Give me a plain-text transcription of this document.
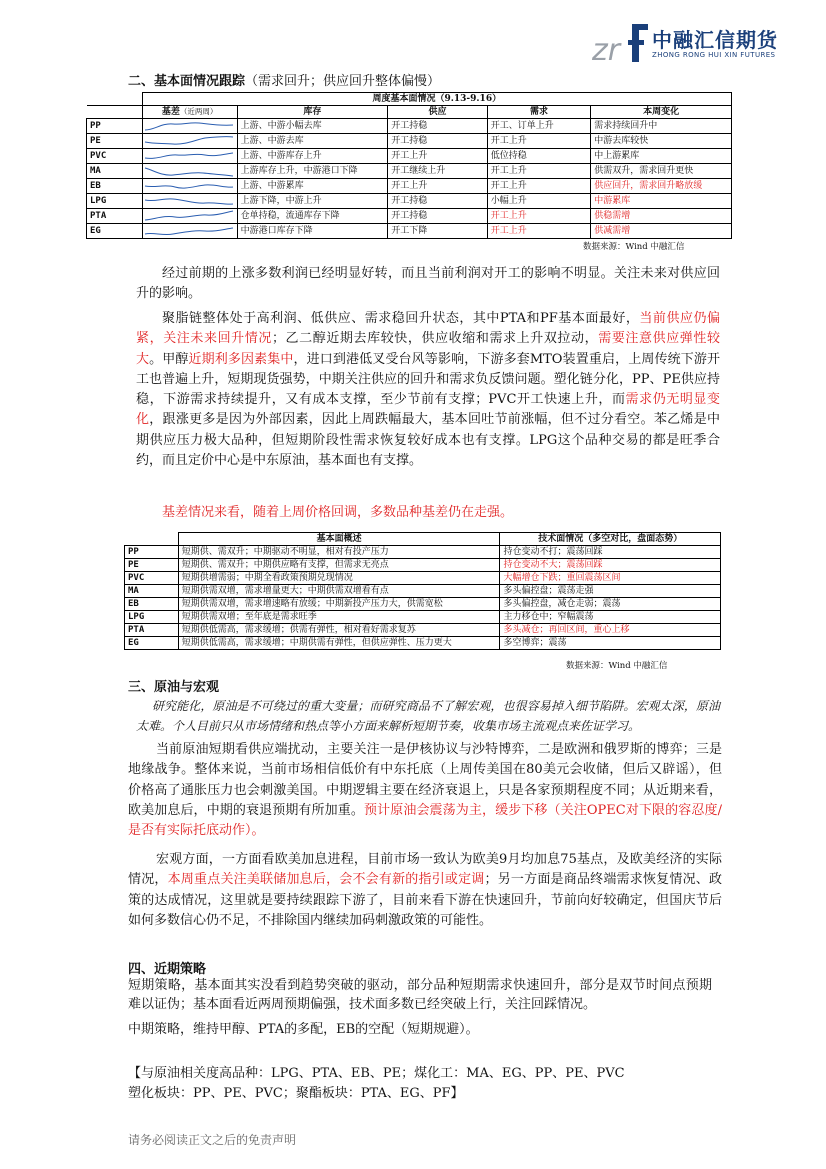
zr 中融汇信期货
ZHONG RONG HUI XIN FUTURES
二、基本面情况跟踪（需求回升；供应回升整体偏慢）
	周度基本面情况（9.13-9.16）				
	基差（近两周）	库存	供应	需求	本周变化
PP		上游、中游小幅去库	开工持稳	开工、订单上升	需求持续回升中
PE		上游、中游去库	开工持稳	开工上升	中游去库较快
PVC		上游、中游库存上升	开工上升	低位持稳	中上游累库
MA		上游库存上升，中游港口下降	开工继续上升	开工上升	供需双升，需求回升更快
EB		上游、中游累库	开工上升	开工上升	供应回升，需求回升略放缓
LPG		上游下降，中游上升	开工持稳	小幅上升	中游累库
PTA		仓单持稳，流通库存下降	开工持稳	开工上升	供稳需增
EG		中游港口库存下降	开工下降	开工上升	供减需增
数据来源：Wind 中融汇信
经过前期的上涨多数利润已经明显好转，而且当前利润对开工的影响不明显。关注未来对供应回升的影响。
聚脂链整体处于高利润、低供应、需求稳回升状态，其中PTA和PF基本面最好，当前供应仍偏紧，关注未来回升情况；乙二醇近期去库较快，供应收缩和需求上升双拉动，需要注意供应弹性较大。甲醇近期利多因素集中，进口到港低叉受台风等影响，下游多套MTO装置重启，上周传统下游开工也普遍上升，短期现货强势，中期关注供应的回升和需求负反馈问题。塑化链分化，PP、PE供应持稳，下游需求持续提升，又有成本支撑，至少节前有支撑；PVC开工快速上升，而需求仍无明显变化，跟涨更多是因为外部因素，因此上周跌幅最大，基本回吐节前涨幅，但不过分看空。苯乙烯是中期供应压力极大品种，但短期阶段性需求恢复较好成本也有支撑。LPG这个品种交易的都是旺季合约，而且定价中心是中东原油，基本面也有支撑。
基差情况来看，随着上周价格回调，多数品种基差仍在走强。
	基本面概述	技术面情况（多空对比，盘面态势）
PP	短期供、需双升；中期驱动不明显，相对有投产压力	持仓变动不打；震荡回踩
PE	短期供、需双升；中期供应略有支撑，但需求无亮点	持仓变动不大；震荡回踩
PVC	短期供增需弱；中期全看政策预期兑现情况	大幅增仓下跌；重回震荡区间
MA	短期供需双增，需求增量更大；中期供需双增看有点	多头偏控盘；震荡走强
EB	短期供需双增，需求增速略有放缓；中期新投产压力大，供需宽松	多头偏控盘，减仓走弱；震荡
LPG	短期供需双增；至年底是需求旺季	主力移仓中；窄幅震荡
PTA	短期供低需高，需求缓增；供需有弹性，相对看好需求复苏	多头减仓；再回区间，重心上移
EG	短期供低需高，需求缓增；中期供需有弹性，但供应弹性、压力更大	多空博弈；震荡
数据来源：Wind 中融汇信
三、原油与宏观
研究能化，原油是不可绕过的重大变量；而研究商品不了解宏观，也很容易掉入细节陷阱。宏观太深，原油太难。个人目前只从市场情绪和热点等小方面来解析短期节奏，收集市场主流观点来佐证学习。
当前原油短期看供应端扰动，主要关注一是伊核协议与沙特博弈，二是欧洲和俄罗斯的博弈；三是地缘战争。整体来说，当前市场相信低价有中东托底（上周传美国在80美元会收储，但后又辟谣），但价格高了通胀压力也会刺激美国。中期逻辑主要在经济衰退上，只是各家预期程度不同；从近期来看，欧美加息后，中期的衰退预期有所加重。预计原油会震荡为主，缓步下移（关注OPEC对下限的容忍度/是否有实际托底动作）。
宏观方面，一方面看欧美加息进程，目前市场一致认为欧美9月均加息75基点，及欧美经济的实际情况，本周重点关注美联储加息后，会不会有新的指引或定调；另一方面是商品终端需求恢复情况、政策的达成情况，这里就是要持续跟踪下游了，目前来看下游在快速回升，节前向好较确定，但国庆节后如何多数信心仍不足，不排除国内继续加码刺激政策的可能性。
四、近期策略
短期策略，基本面其实没看到趋势突破的驱动，部分品种短期需求快速回升，部分是双节时间点预期难以证伪；基本面看近两周预期偏强，技术面多数已经突破上行，关注回踩情况。
中期策略，维持甲醇、PTA的多配，EB的空配（短期规避）。
【与原油相关度高品种：LPG、PTA、EB、PE；煤化工：MA、EG、PP、PE、PVC
塑化板块：PP、PE、PVC；聚酯板块：PTA、EG、PF】
请务必阅读正文之后的免责声明
